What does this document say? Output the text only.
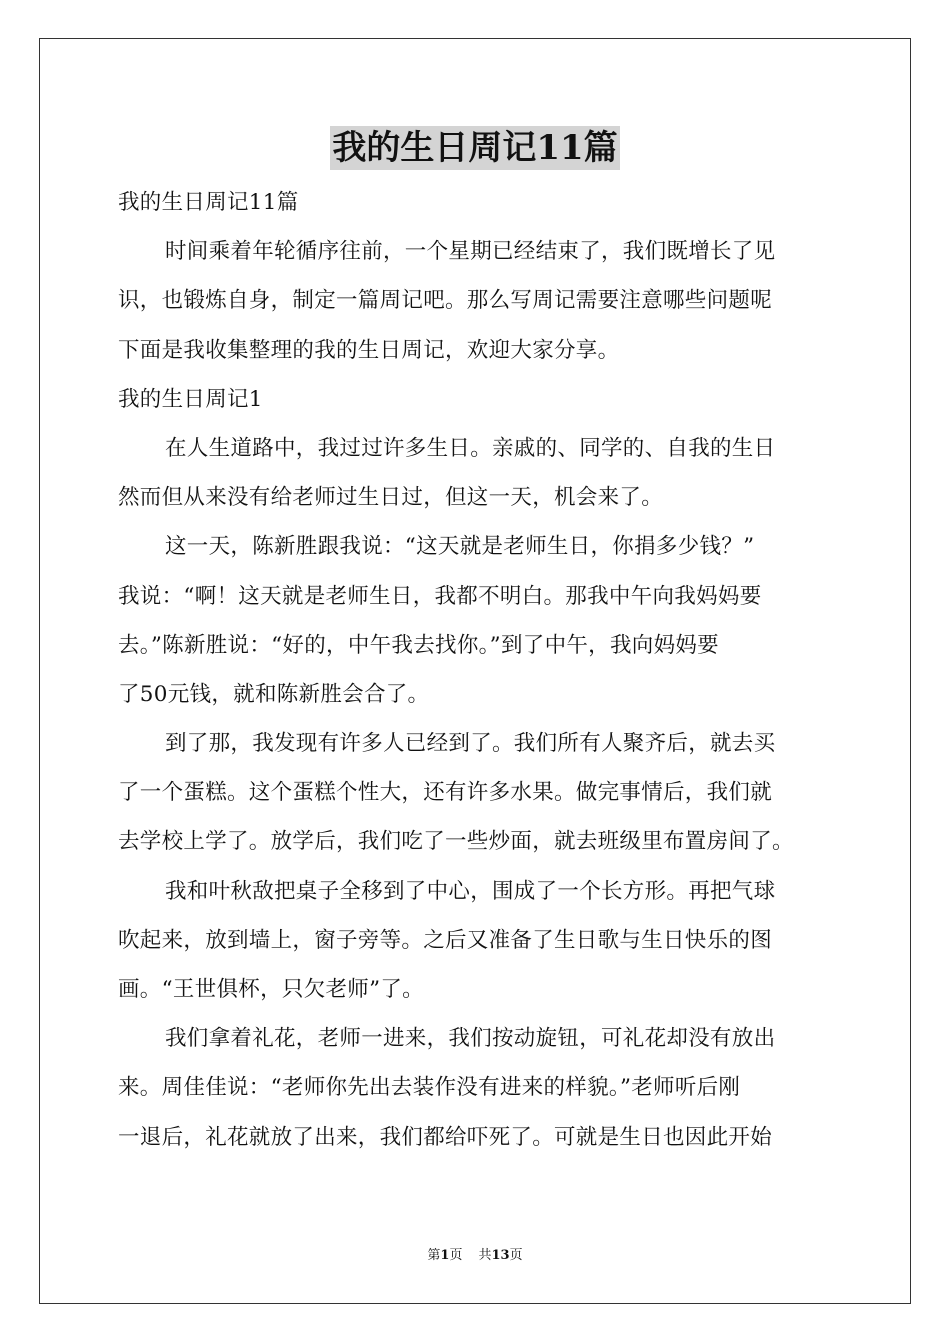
我的生日周记11篇
我的生日周记11篇
时间乘着年轮循序往前，一个星期已经结束了，我们既增长了见
识，也锻炼自身，制定一篇周记吧。那么写周记需要注意哪些问题呢
下面是我收集整理的我的生日周记，欢迎大家分享。
我的生日周记1
在人生道路中，我过过许多生日。亲戚的、同学的、自我的生日
然而但从来没有给老师过生日过，但这一天，机会来了。
这一天，陈新胜跟我说：“这天就是老师生日，你捐多少钱？”
我说：“啊！这天就是老师生日，我都不明白。那我中午向我妈妈要
去。”陈新胜说：“好的，中午我去找你。”到了中午，我向妈妈要
了50元钱，就和陈新胜会合了。
到了那，我发现有许多人已经到了。我们所有人聚齐后，就去买
了一个蛋糕。这个蛋糕个性大，还有许多水果。做完事情后，我们就
去学校上学了。放学后，我们吃了一些炒面，就去班级里布置房间了。
我和叶秋敌把桌子全移到了中心，围成了一个长方形。再把气球
吹起来，放到墙上，窗子旁等。之后又准备了生日歌与生日快乐的图
画。“王世俱杯，只欠老师”了。
我们拿着礼花，老师一进来，我们按动旋钮，可礼花却没有放出
来。周佳佳说：“老师你先出去装作没有进来的样貌。”老师听后刚
一退后，礼花就放了出来，我们都给吓死了。可就是生日也因此开始
第1页 共13页
